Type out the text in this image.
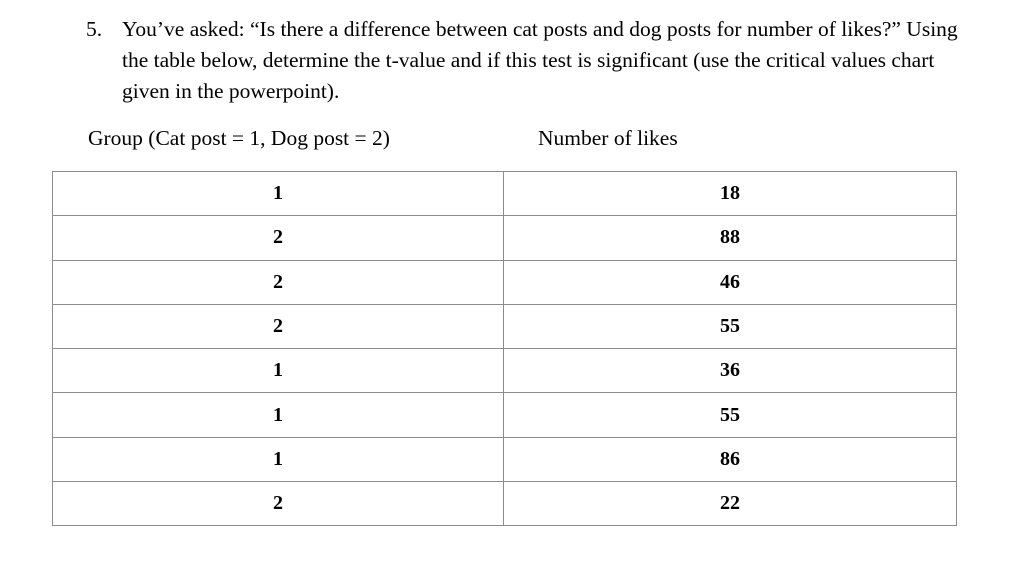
5. You’ve asked: “Is there a difference between cat posts and dog posts for number of likes?” Using the table below, determine the t-value and if this test is significant (use the critical values chart given in the powerpoint).
Group (Cat post = 1, Dog post = 2)	Number of likes
1	18
2	88
2	46
2	55
1	36
1	55
1	86
2	22
